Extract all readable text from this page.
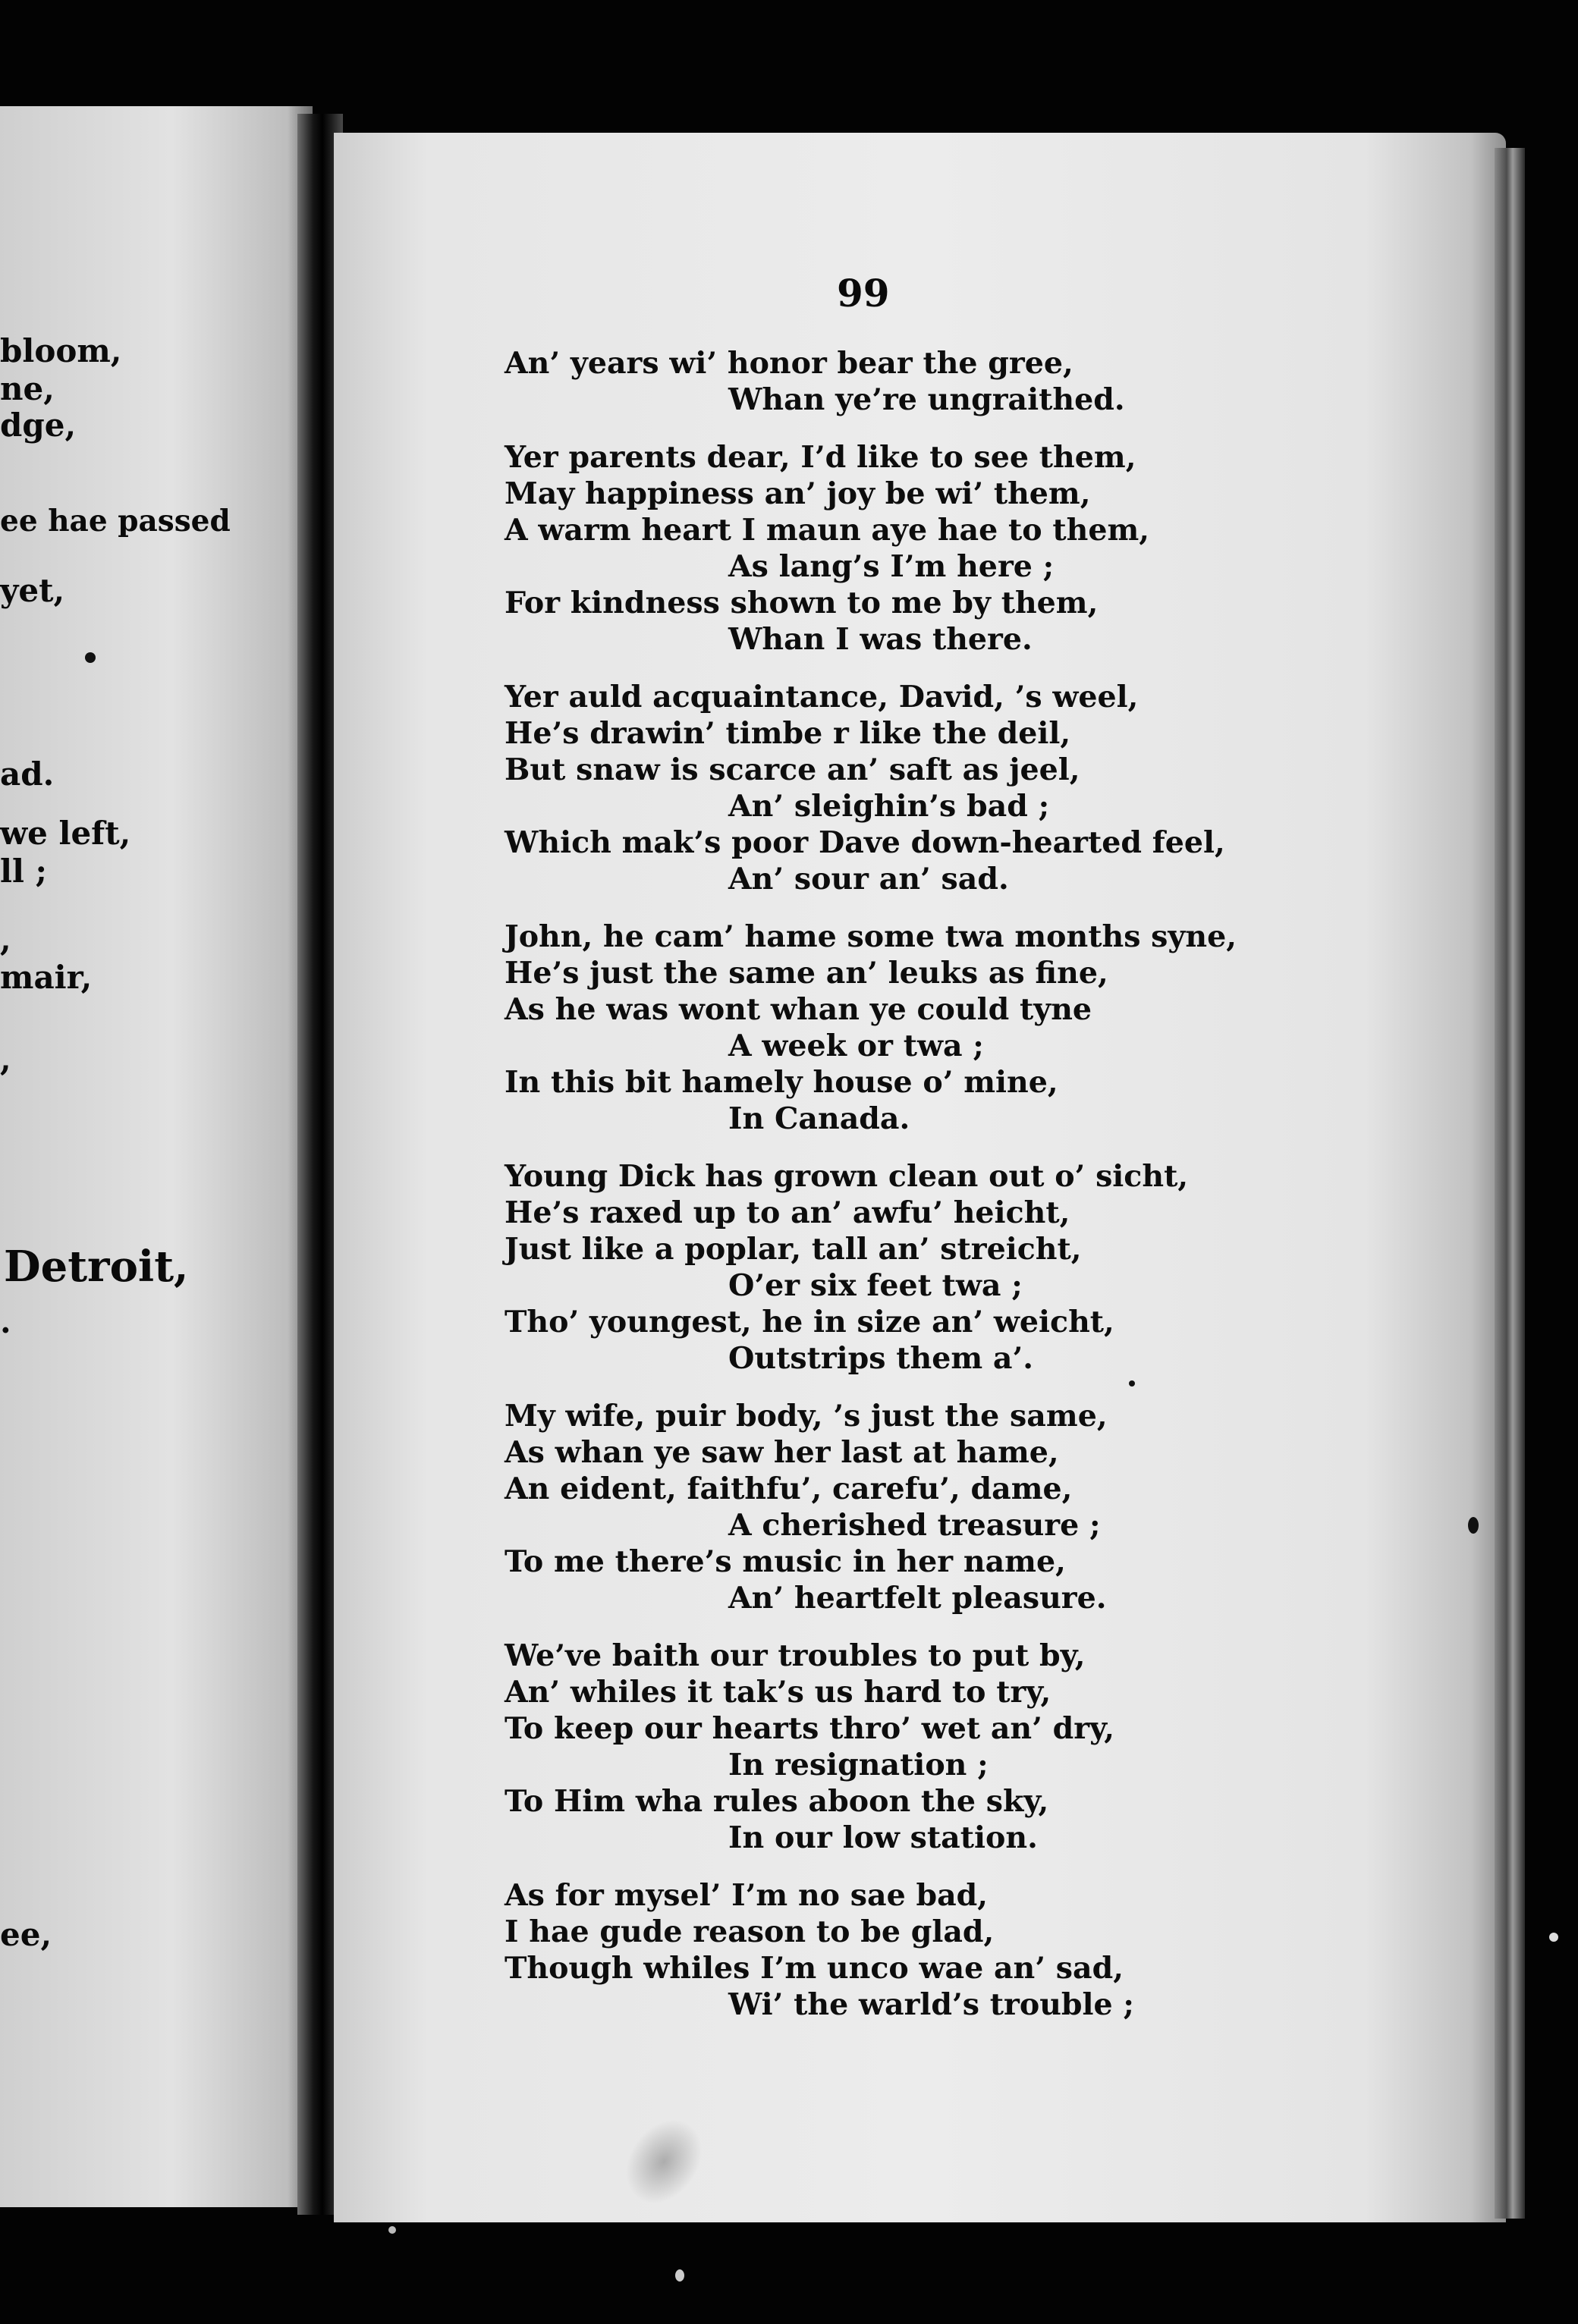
bloom,
ne,
dge,
ee hae passed
yet,
ad.
we left,
ll ;
,
mair,
,
Detroit,
.
ee,
99
An’ years wi’ honor bear the gree,
Whan ye’re ungraithed.
Yer parents dear, I’d like to see them,
May happiness an’ joy be wi’ them,
A warm heart I maun aye hae to them,
As lang’s I’m here ;
For kindness shown to me by them,
Whan I was there.
Yer auld acquaintance, David, ’s weel,
He’s drawin’ timbe r like the deil,
But snaw is scarce an’ saft as jeel,
An’ sleighin’s bad ;
Which mak’s poor Dave down-hearted feel,
An’ sour an’ sad.
John, he cam’ hame some twa months syne,
He’s just the same an’ leuks as fine,
As he was wont whan ye could tyne
A week or twa ;
In this bit hamely house o’ mine,
In Canada.
Young Dick has grown clean out o’ sicht,
He’s raxed up to an’ awfu’ heicht,
Just like a poplar, tall an’ streicht,
O’er six feet twa ;
Tho’ youngest, he in size an’ weicht,
Outstrips them a’.
My wife, puir body, ’s just the same,
As whan ye saw her last at hame,
An eident, faithfu’, carefu’, dame,
A cherished treasure ;
To me there’s music in her name,
An’ heartfelt pleasure.
We’ve baith our troubles to put by,
An’ whiles it tak’s us hard to try,
To keep our hearts thro’ wet an’ dry,
In resignation ;
To Him wha rules aboon the sky,
In our low station.
As for mysel’ I’m no sae bad,
I hae gude reason to be glad,
Though whiles I’m unco wae an’ sad,
Wi’ the warld’s trouble ;
